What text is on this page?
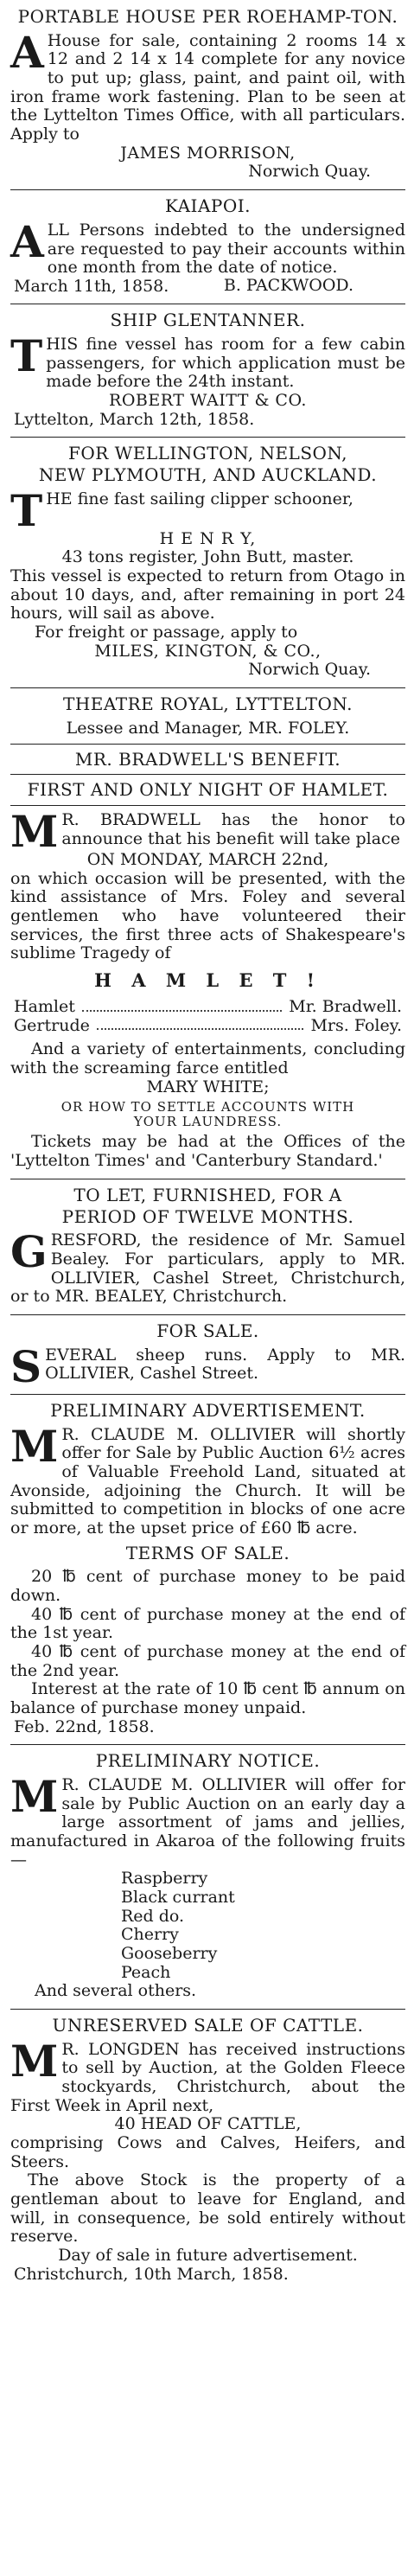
PORTABLE HOUSE PER ROEHAMP-TON.

A House for sale, containing 2 rooms 14 x 12 and 2 14 x 14 complete for any novice to put up; glass, paint, and paint oil, with iron frame work fastening. Plan to be seen at the Lyttelton Times Office, with all particulars. Apply to

JAMES MORRISON,
Norwich Quay.
KAIAPOI.

A LL Persons indebted to the undersigned are requested to pay their accounts within one month from the date of notice.

March 11th, 1858.	B. PACKWOOD.
SHIP GLENTANNER.

T HIS fine vessel has room for a few cabin passengers, for which application must be made before the 24th instant.

ROBERT WAITT & CO.
Lyttelton, March 12th, 1858.
FOR WELLINGTON, NELSON,
NEW PLYMOUTH, AND AUCKLAND.

T HE fine fast sailing clipper schooner,

H E N R Y,
43 tons register, John Butt, master.

This vessel is expected to return from Otago in about 10 days, and, after remaining in port 24 hours, will sail as above.

For freight or passage, apply to
MILES, KINGTON, & CO.,
Norwich Quay.
THEATRE ROYAL, LYTTELTON.
Lessee and Manager, MR. FOLEY.
MR. BRADWELL'S BENEFIT.
FIRST AND ONLY NIGHT OF HAMLET.

M R. BRADWELL has the honor to announce that his benefit will take place

ON MONDAY, MARCH 22nd,

on which occasion will be presented, with the kind assistance of Mrs. Foley and several gentlemen who have volunteered their services, the first three acts of Shakespeare's sublime Tragedy of

H A M L E T !
Hamlet	Mr. Bradwell.
Gertrude	Mrs. Foley.

And a variety of entertainments, concluding with the screaming farce entitled

MARY WHITE;
OR HOW TO SETTLE ACCOUNTS WITH
YOUR LAUNDRESS.

Tickets may be had at the Offices of the 'Lyttelton Times' and 'Canterbury Standard.'

TO LET, FURNISHED, FOR A
PERIOD OF TWELVE MONTHS.

G RESFORD, the residence of Mr. Samuel Bealey. For particulars, apply to MR. OLLIVIER, Cashel Street, Christchurch, or to MR. BEALEY, Christchurch.

FOR SALE.

S EVERAL sheep runs. Apply to MR. OLLIVIER, Cashel Street.

PRELIMINARY ADVERTISEMENT.

M R. CLAUDE M. OLLIVIER will shortly offer for Sale by Public Auction 6½ acres of Valuable Freehold Land, situated at Avonside, adjoining the Church. It will be submitted to competition in blocks of one acre or more, at the upset price of £60 ℔ acre.

TERMS OF SALE.

20 ℔ cent of purchase money to be paid down.

40 ℔ cent of purchase money at the end of the 1st year.

40 ℔ cent of purchase money at the end of the 2nd year.

Interest at the rate of 10 ℔ cent ℔ annum on balance of purchase money unpaid.

Feb. 22nd, 1858.
PRELIMINARY NOTICE.

M R. CLAUDE M. OLLIVIER will offer for sale by Public Auction on an early day a large assortment of jams and jellies, manufactured in Akaroa of the following fruits—

Raspberry
Black currant
Red do.
Cherry
Gooseberry
Peach
And several others.
UNRESERVED SALE OF CATTLE.

M R. LONGDEN has received instructions to sell by Auction, at the Golden Fleece stockyards, Christchurch, about the First Week in April next,

40 HEAD OF CATTLE,

comprising Cows and Calves, Heifers, and Steers.

The above Stock is the property of a gentleman about to leave for England, and will, in consequence, be sold entirely without reserve.

Day of sale in future advertisement.
Christchurch, 10th March, 1858.
